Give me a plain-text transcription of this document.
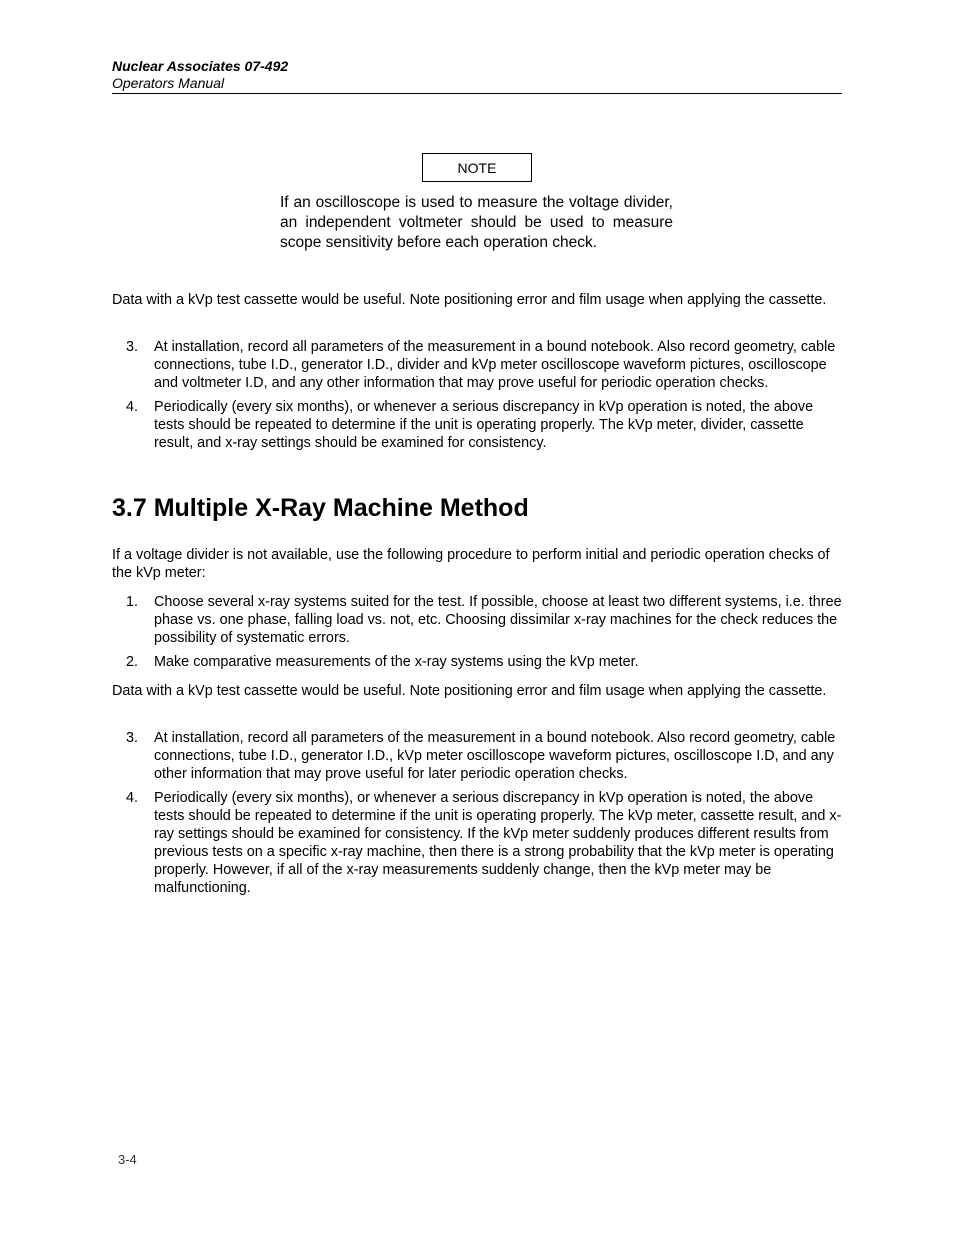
Nuclear Associates 07-492
Operators Manual
NOTE
If an oscilloscope is used to measure the voltage divider, an independent voltmeter should be used to measure scope sensitivity before each operation check.
Data with a kVp test cassette would be useful. Note positioning error and film usage when applying the cassette.
3. At installation, record all parameters of the measurement in a bound notebook. Also record geometry, cable connections, tube I.D., generator I.D., divider and kVp meter oscilloscope waveform pictures, oscilloscope and voltmeter I.D, and any other information that may prove useful for periodic operation checks.
4. Periodically (every six months), or whenever a serious discrepancy in kVp operation is noted, the above tests should be repeated to determine if the unit is operating properly. The kVp meter, divider, cassette result, and x-ray settings should be examined for consistency.
3.7 Multiple X-Ray Machine Method
If a voltage divider is not available, use the following procedure to perform initial and periodic operation checks of the kVp meter:
1. Choose several x-ray systems suited for the test. If possible, choose at least two different systems, i.e. three phase vs. one phase, falling load vs. not, etc. Choosing dissimilar x-ray machines for the check reduces the possibility of systematic errors.
2. Make comparative measurements of the x-ray systems using the kVp meter.
Data with a kVp test cassette would be useful. Note positioning error and film usage when applying the cassette.
3. At installation, record all parameters of the measurement in a bound notebook. Also record geometry, cable connections, tube I.D., generator I.D., kVp meter oscilloscope waveform pictures, oscilloscope I.D, and any other information that may prove useful for later periodic operation checks.
4. Periodically (every six months), or whenever a serious discrepancy in kVp operation is noted, the above tests should be repeated to determine if the unit is operating properly. The kVp meter, cassette result, and x-ray settings should be examined for consistency. If the kVp meter suddenly produces different results from previous tests on a specific x-ray machine, then there is a strong probability that the kVp meter is operating properly. However, if all of the x-ray measurements suddenly change, then the kVp meter may be malfunctioning.
3-4
